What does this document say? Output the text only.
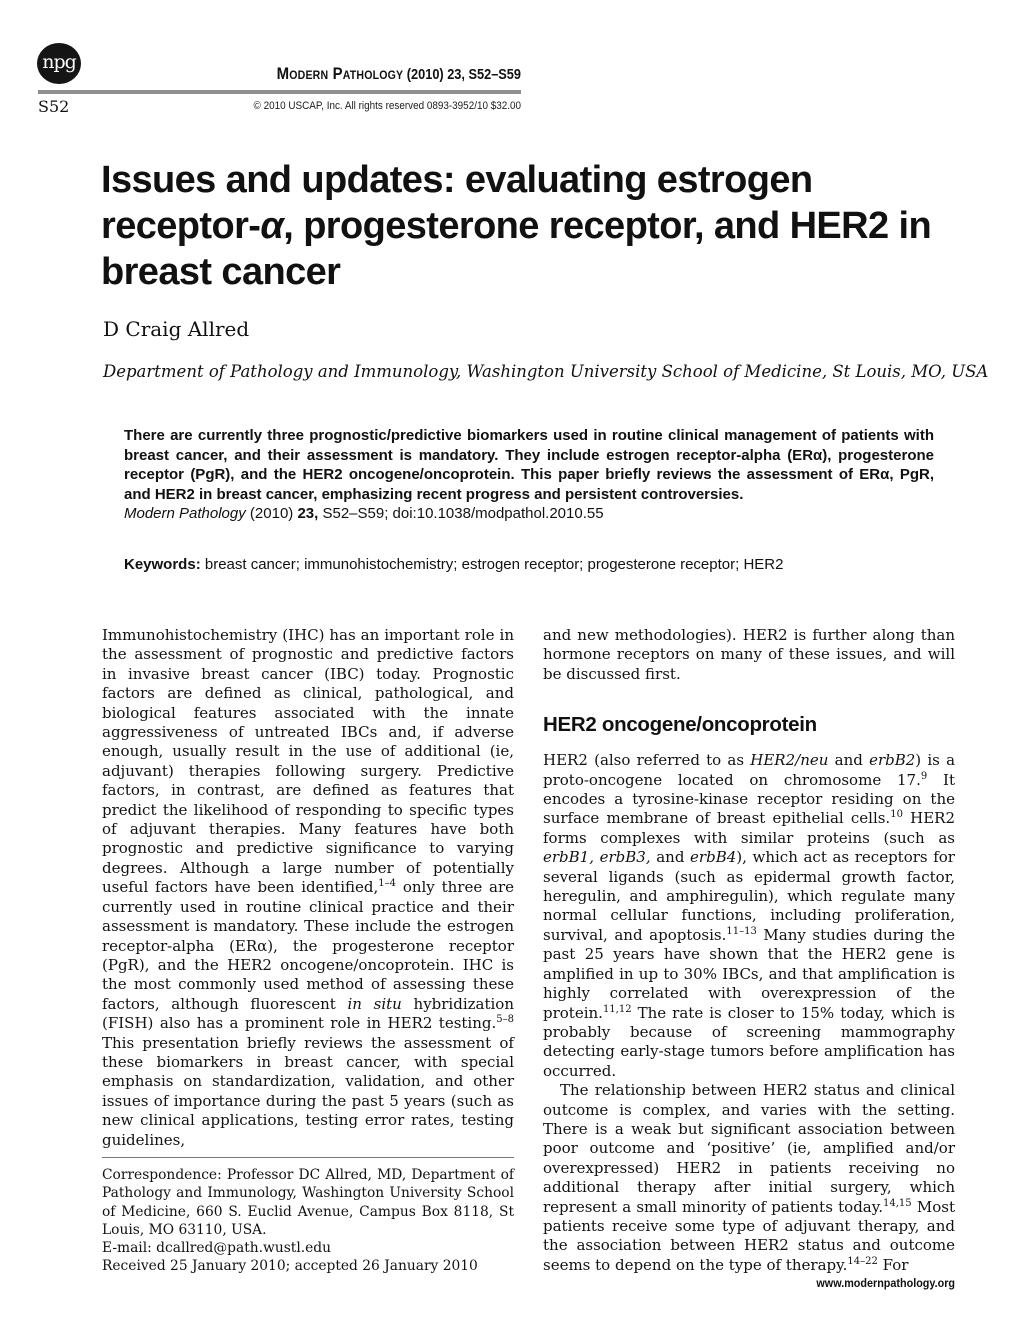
npg
Modern Pathology (2010) 23, S52–S59
S52	© 2010 USCAP, Inc. All rights reserved 0893-3952/10 $32.00
Issues and updates: evaluating estrogen receptor-α, progesterone receptor, and HER2 in breast cancer
D Craig Allred
Department of Pathology and Immunology, Washington University School of Medicine, St Louis, MO, USA
There are currently three prognostic/predictive biomarkers used in routine clinical management of patients with breast cancer, and their assessment is mandatory. They include estrogen receptor-alpha (ERα), progesterone receptor (PgR), and the HER2 oncogene/oncoprotein. This paper briefly reviews the assessment of ERα, PgR, and HER2 in breast cancer, emphasizing recent progress and persistent controversies.
Modern Pathology (2010) 23, S52–S59; doi:10.1038/modpathol.2010.55
Keywords: breast cancer; immunohistochemistry; estrogen receptor; progesterone receptor; HER2

Immunohistochemistry (IHC) has an important role in the assessment of prognostic and predictive factors in invasive breast cancer (IBC) today. Prognostic factors are defined as clinical, pathological, and biological features associated with the innate aggressiveness of untreated IBCs and, if adverse enough, usually result in the use of additional (ie, adjuvant) therapies following surgery. Predictive factors, in contrast, are defined as features that predict the likelihood of responding to specific types of adjuvant therapies. Many features have both prognostic and predictive significance to varying degrees. Although a large number of potentially useful factors have been identified,$^{1-4}$ only three are currently used in routine clinical practice and their assessment is mandatory. These include the estrogen receptor-alpha (ERα), the progesterone receptor (PgR), and the HER2 oncogene/oncoprotein. IHC is the most commonly used method of assessing these factors, although fluorescent in situ hybridization (FISH) also has a prominent role in HER2 testing.$^{5-8}$ This presentation briefly reviews the assessment of these biomarkers in breast cancer, with special emphasis on standardization, validation, and other issues of importance during the past 5 years (such as new clinical applications, testing error rates, testing guidelines,

and new methodologies). HER2 is further along than hormone receptors on many of these issues, and will be discussed first.

HER2 oncogene/oncoprotein

HER2 (also referred to as HER2/neu and erbB2) is a proto-oncogene located on chromosome 17.$^9$ It encodes a tyrosine-kinase receptor residing on the surface membrane of breast epithelial cells.$^{10}$ HER2 forms complexes with similar proteins (such as erbB1, erbB3, and erbB4), which act as receptors for several ligands (such as epidermal growth factor, heregulin, and amphiregulin), which regulate many normal cellular functions, including proliferation, survival, and apoptosis.$^{11-13}$ Many studies during the past 25 years have shown that the HER2 gene is amplified in up to 30% IBCs, and that amplification is highly correlated with overexpression of the protein.$^{11,12}$ The rate is closer to 15% today, which is probably because of screening mammography detecting early-stage tumors before amplification has occurred.

The relationship between HER2 status and clinical outcome is complex, and varies with the setting. There is a weak but significant association between poor outcome and ‘positive’ (ie, amplified and/or overexpressed) HER2 in patients receiving no additional therapy after initial surgery, which represent a small minority of patients today.$^{14,15}$ Most patients receive some type of adjuvant therapy, and the association between HER2 status and outcome seems to depend on the type of therapy.$^{14-22}$ For

Correspondence: Professor DC Allred, MD, Department of Pathology and Immunology, Washington University School of Medicine, 660 S. Euclid Avenue, Campus Box 8118, St Louis, MO 63110, USA.
E-mail: dcallred@path.wustl.edu
Received 25 January 2010; accepted 26 January 2010
www.modernpathology.org
